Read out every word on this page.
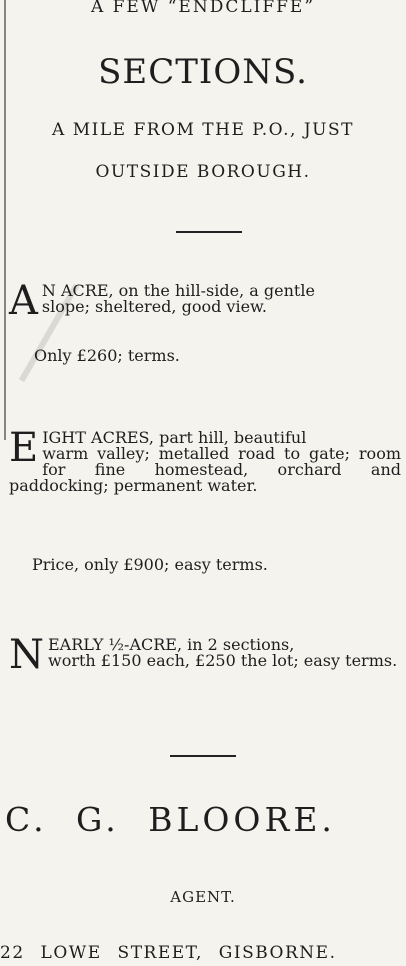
A FEW “ENDCLIFFE”
SECTIONS.
A MILE FROM THE P.O., JUST
OUTSIDE BOROUGH.
A N ACRE, on the hill-side, a gentle
slope; sheltered, good view.
Only £260; terms.
E IGHT ACRES, part hill, beautiful
warm valley; metalled road to gate; room for fine homestead, orchard and paddocking; permanent water.
Price, only £900; easy terms.
N EARLY ½-ACRE, in 2 sections,
worth £150 each, £250 the lot; easy terms.
C. G. BLOORE.
AGENT.
22 LOWE STREET, GISBORNE.
